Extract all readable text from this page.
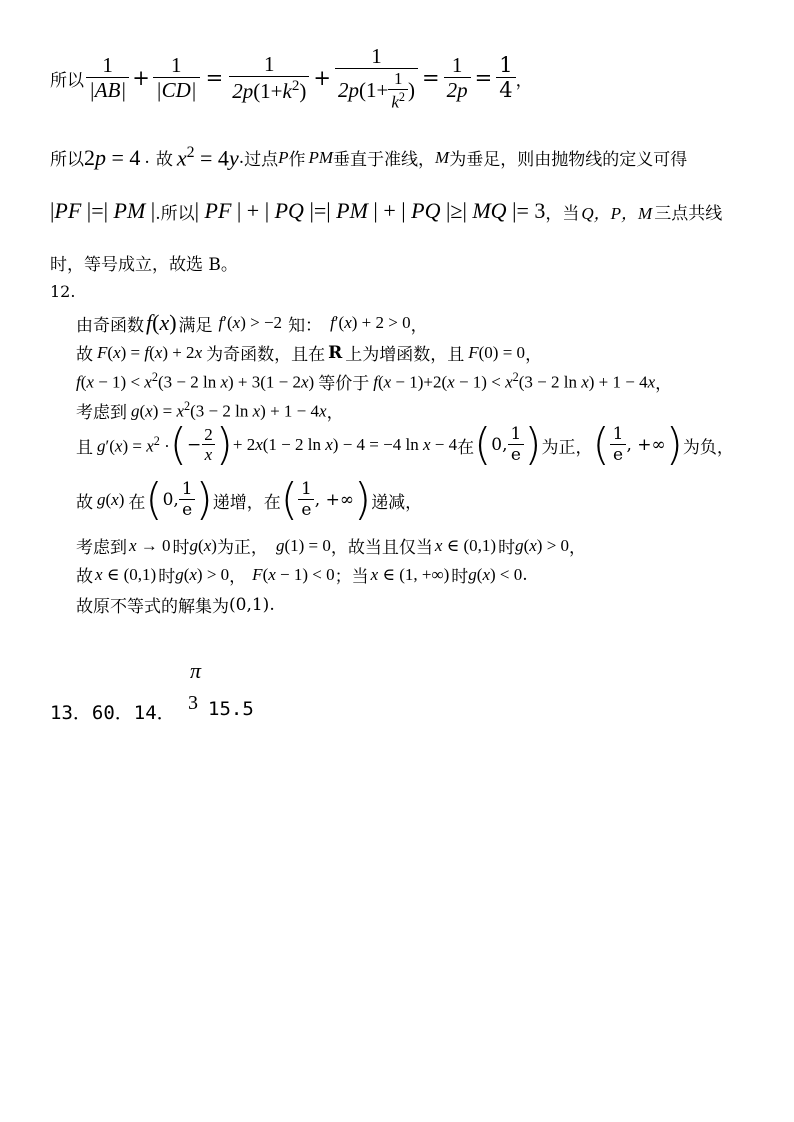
所以 $\frac{1}{|AB|} + \frac{1}{|CD|} = \frac{1}{2p(1+k^2)} + \frac{1}{2 p (1+ \frac{1}{k^2} )} = \frac{1}{2p} = \frac{1}{4}$ ，
所以 2p = 4 . 故 $x^2 = 4y$ . 过点 P 作 PM 垂直于准线， M 为垂足，则由抛物线的定义可得
|PF |=| PM | .所以 | PF | + | PQ |=| PM | + | PQ |≥| MQ |= 3 ，当 Q，P，M 三点共线
时，等号成立，故选 B。
12.
由奇函数 f(x) 满足 f′(x) > −2 知： f′(x) + 2 > 0 ，
故 F(x) = f(x) + 2x 为奇函数，且在 R 上为增函数，且 F(0) = 0 ，
$f(x - 1) < x^2(3 - 2$ ln x) + 3(1 − 2x) 等价于 $f(x - 1)+2(x - 1) < x^2(3 - 2$ ln x) + 1 − 4x ，
考虑到 $g(x) = x^2(3 - 2$ ln x) + 1 − 4x ，
且 $g'(x) = x^2$ · ( − $\frac{2}{x}$ ) + 2x(1 − 2 ln x) − 4 = −4 ln x − 4 在 ( 0, $\frac{1}{e}$ ) 为正， ( $\frac{1}{e}$ , +∞ ) 为负，
故 g(x) 在 ( 0, $\frac{1}{e}$ ) 递增，在 ( $\frac{1}{e}$ , +∞ ) 递减，
考虑到 x → 0 时 g(x) 为正， g(1) = 0 ，故当且仅当 x ∈ (0,1) 时 g(x) > 0 ，
故 x ∈ (0,1) 时 g(x) > 0 ， F(x − 1) < 0 ；当 x ∈ (1, +∞) 时 g(x) < 0 .
故原不等式的解集为 (0,1) .
13．60．14．
π
3 15.5
